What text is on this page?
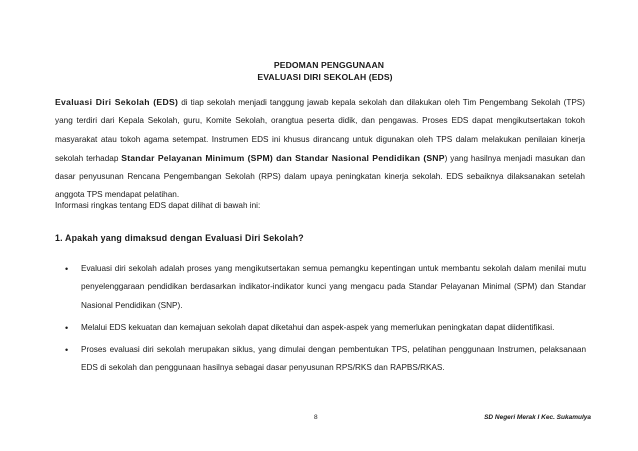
PEDOMAN PENGGUNAAN
EVALUASI DIRI SEKOLAH (EDS)
Evaluasi Diri Sekolah (EDS) di tiap sekolah menjadi tanggung jawab kepala sekolah dan dilakukan oleh Tim Pengembang Sekolah (TPS) yang terdiri dari Kepala Sekolah, guru, Komite Sekolah, orangtua peserta didik, dan pengawas. Proses EDS dapat mengikutsertakan tokoh masyarakat atau tokoh agama setempat. Instrumen EDS ini khusus dirancang untuk digunakan oleh TPS dalam melakukan penilaian kinerja sekolah terhadap Standar Pelayanan Minimum (SPM) dan Standar Nasional Pendidikan (SNP) yang hasilnya menjadi masukan dan dasar penyusunan Rencana Pengembangan Sekolah (RPS) dalam upaya peningkatan kinerja sekolah. EDS sebaiknya dilaksanakan setelah anggota TPS mendapat pelatihan.
Informasi ringkas tentang EDS dapat dilihat di bawah ini:
1. Apakah yang dimaksud dengan Evaluasi Diri Sekolah?
• Evaluasi diri sekolah adalah proses yang mengikutsertakan semua pemangku kepentingan untuk membantu sekolah dalam menilai mutu penyelenggaraan pendidikan berdasarkan indikator-indikator kunci yang mengacu pada Standar Pelayanan Minimal (SPM) dan Standar Nasional Pendidikan (SNP).
• Melalui EDS kekuatan dan kemajuan sekolah dapat diketahui dan aspek-aspek yang memerlukan peningkatan dapat diidentifikasi.
• Proses evaluasi diri sekolah merupakan siklus, yang dimulai dengan pembentukan TPS, pelatihan penggunaan Instrumen, pelaksanaan EDS di sekolah dan penggunaan hasilnya sebagai dasar penyusunan RPS/RKS dan RAPBS/RKAS.
8	SD Negeri Merak I Kec. Sukamulya
